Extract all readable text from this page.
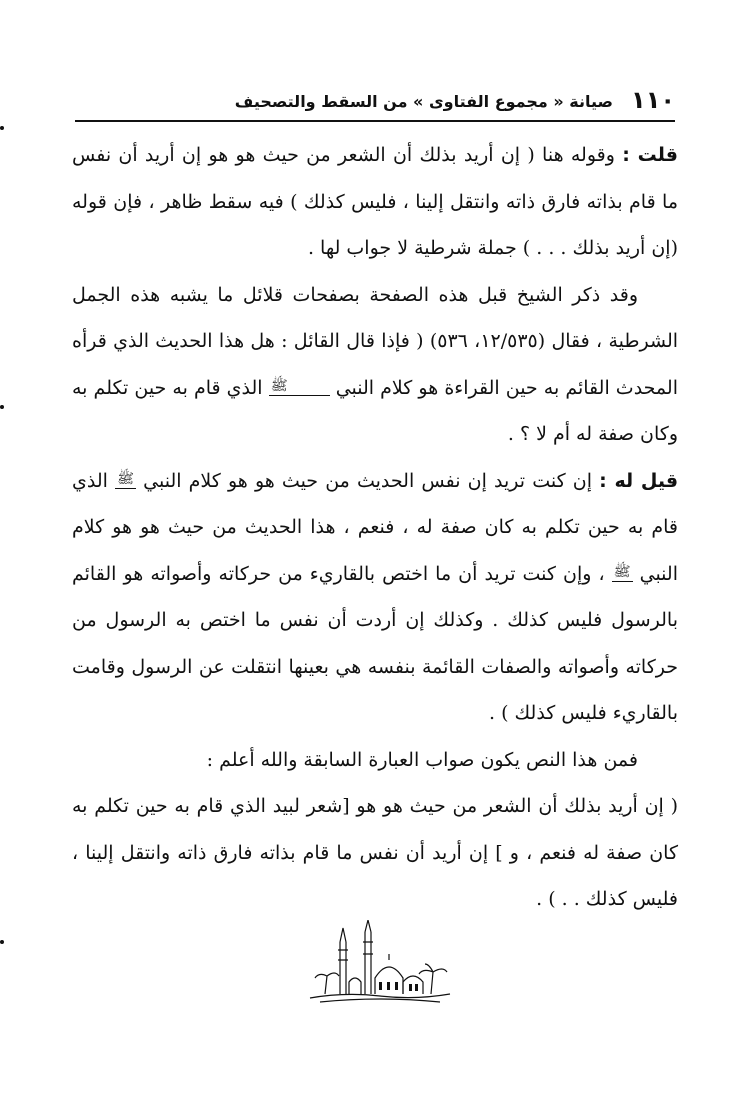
١١٠
صيانة « مجموع الفتاوى » من السقط والتصحيف

قلت : وقوله هنا ( إن أريد بذلك أن الشعر من حيث هو هو إن أريد أن نفس ما قام بذاته فارق ذاته وانتقل إلينا ، فليس كذلك ) فيه سقط ظاهر ، فإن قوله (إن أريد بذلك . . . ) جملة شرطية لا جواب لها .

وقد ذكر الشيخ قبل هذه الصفحة بصفحات قلائل ما يشبه هذه الجمل الشرطية ، فقال (١٢/٥٣٥، ٥٣٦) ( فإذا قال القائل : هل هذا الحديث الذي قرأه المحدث القائم به حين القراءة هو كلام النبي ﷺ الذي قام به حين تكلم به وكان صفة له أم لا ؟ .

قيل له : إن كنت تريد إن نفس الحديث من حيث هو هو كلام النبي ﷺ الذي قام به حين تكلم به كان صفة له ، فنعم ، هذا الحديث من حيث هو هو كلام النبي ﷺ ، وإن كنت تريد أن ما اختص بالقاريء من حركاته وأصواته هو القائم بالرسول فليس كذلك . وكذلك إن أردت أن نفس ما اختص به الرسول من حركاته وأصواته والصفات القائمة بنفسه هي بعينها انتقلت عن الرسول وقامت بالقاريء فليس كذلك ) .

فمن هذا النص يكون صواب العبارة السابقة والله أعلم :

( إن أريد بذلك أن الشعر من حيث هو هو [شعر لبيد الذي قام به حين تكلم به كان صفة له فنعم ، و ] إن أريد أن نفس ما قام بذاته فارق ذاته وانتقل إلينا ، فليس كذلك . . ) .
